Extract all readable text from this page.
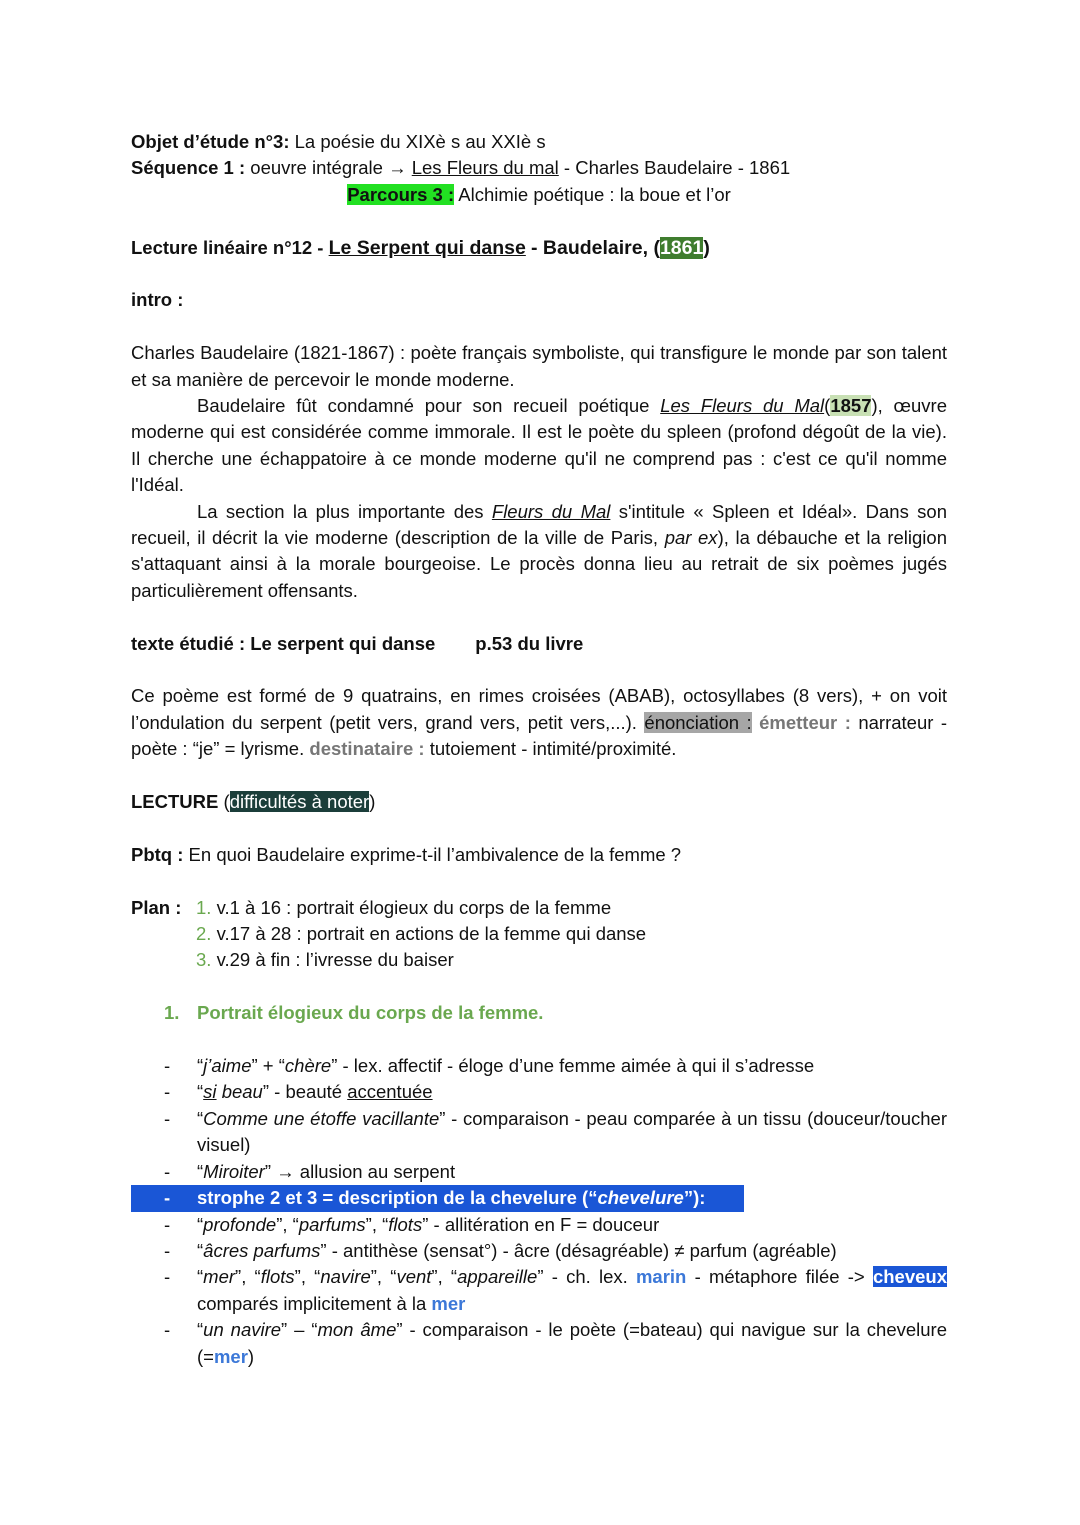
Objet d’étude n°3: La poésie du XIXè s au XXIè s
Séquence 1 : oeuvre intégrale → Les Fleurs du mal - Charles Baudelaire - 1861
Parcours 3 : Alchimie poétique : la boue et l’or
Lecture linéaire n°12 - Le Serpent qui danse - Baudelaire, (1861)
intro :
Charles Baudelaire (1821-1867) : poète français symboliste, qui transfigure le monde par son talent et sa manière de percevoir le monde moderne.
Baudelaire fût condamné pour son recueil poétique Les Fleurs du Mal(1857), œuvre moderne qui est considérée comme immorale. Il est le poète du spleen (profond dégoût de la vie). Il cherche une échappatoire à ce monde moderne qu'il ne comprend pas : c'est ce qu'il nomme l'Idéal.
La section la plus importante des Fleurs du Mal s'intitule « Spleen et Idéal». Dans son recueil, il décrit la vie moderne (description de la ville de Paris, par ex), la débauche et la religion s'attaquant ainsi à la morale bourgeoise. Le procès donna lieu au retrait de six poèmes jugés particulièrement offensants.
texte étudié : Le serpent qui danse p.53 du livre
Ce poème est formé de 9 quatrains, en rimes croisées (ABAB), octosyllabes (8 vers), + on voit l’ondulation du serpent (petit vers, grand vers, petit vers,...). énonciation : émetteur : narrateur - poète : “je” = lyrisme. destinataire : tutoiement - intimité/proximité.
LECTURE (difficultés à noter)
Pbtq : En quoi Baudelaire exprime-t-il l’ambivalence de la femme ?
Plan : 1. v.1 à 16 : portrait élogieux du corps de la femme
2. v.17 à 28 : portrait en actions de la femme qui danse
3. v.29 à fin : l’ivresse du baiser
1. Portrait élogieux du corps de la femme.
- “j’aime” + “chère” - lex. affectif - éloge d’une femme aimée à qui il s’adresse
- “si beau” - beauté accentuée
- “Comme une étoffe vacillante” - comparaison - peau comparée à un tissu (douceur/toucher visuel)
- “Miroiter” → allusion au serpent
- strophe 2 et 3 = description de la chevelure (“chevelure”):
- “profonde”, “parfums”, “flots” - allitération en F = douceur
- “âcres parfums” - antithèse (sensat°) - âcre (désagréable) ≠ parfum (agréable)
- “mer”, “flots”, “navire”, “vent”, “appareille” - ch. lex. marin - métaphore filée -> cheveux comparés implicitement à la mer
- “un navire” – “mon âme” - comparaison - le poète (=bateau) qui navigue sur la chevelure (=mer)
